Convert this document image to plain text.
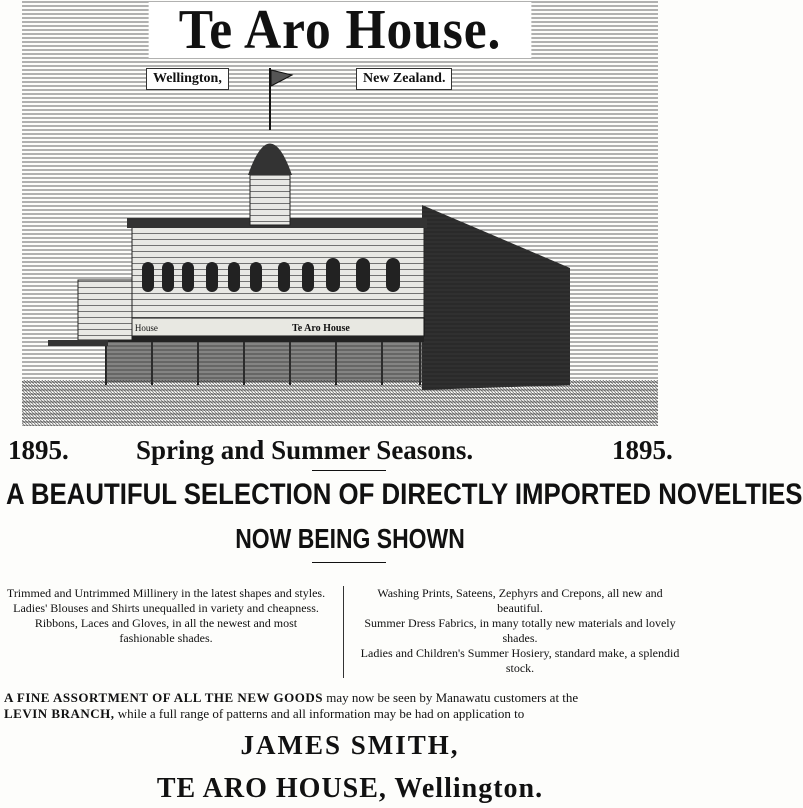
Te Aro House	Te Aro House
Te Aro House.
Wellington,	New Zealand.
1895. Spring and Summer Seasons.	1895.
A BEAUTIFUL SELECTION OF DIRECTLY IMPORTED NOVELTIES
NOW BEING SHOWN

Trimmed and Untrimmed Millinery in the latest shapes and styles.

Ladies' Blouses and Shirts unequalled in variety and cheapness.

Ribbons, Laces and Gloves, in all the newest and most fashionable shades.

Washing Prints, Sateens, Zephyrs and Crepons, all new and beautiful.

Summer Dress Fabrics, in many totally new materials and lovely shades.

Ladies and Children's Summer Hosiery, standard make, a splendid stock.

A FINE ASSORTMENT OF ALL THE NEW GOODS may now be seen by Manawatu customers at the
LEVIN BRANCH, while a full range of patterns and all information may be had on application to
JAMES SMITH,
TE ARO HOUSE, Wellington.
